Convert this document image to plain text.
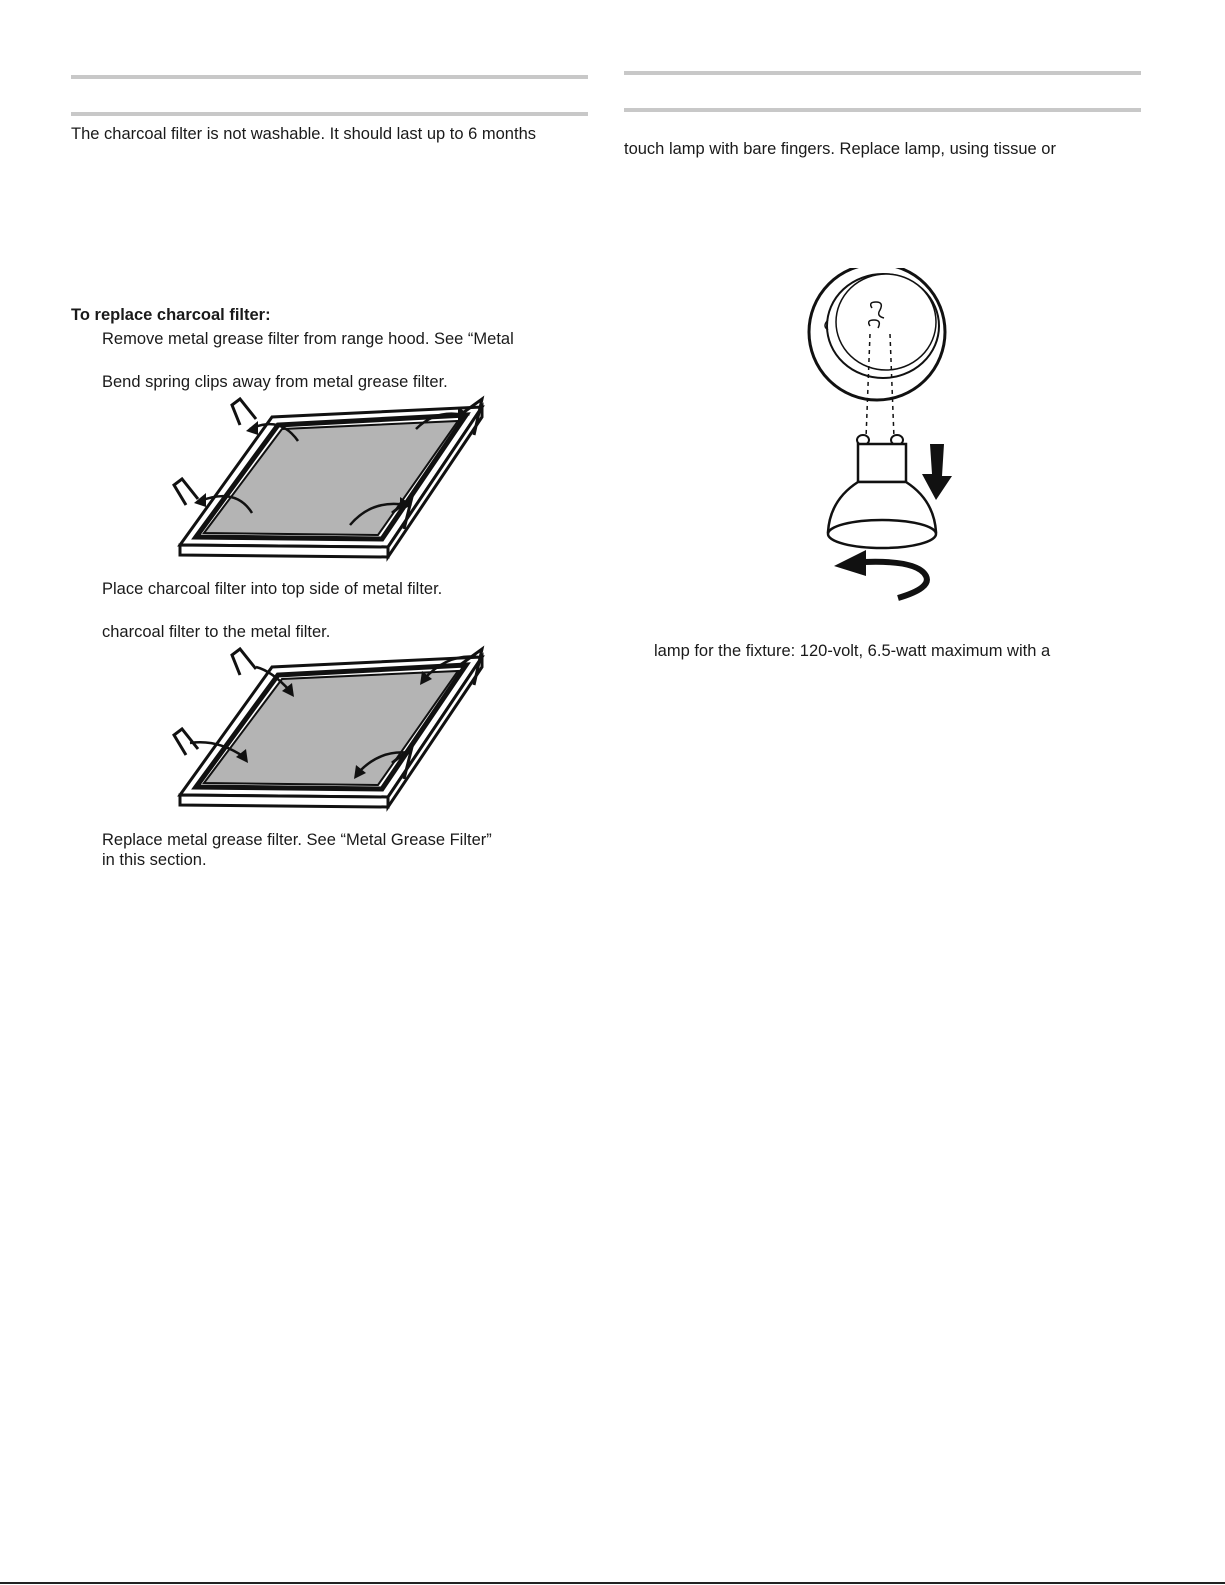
The charcoal filter is not washable. It should last up to 6 months
To replace charcoal filter:
Remove metal grease filter from range hood. See “Metal
Bend spring clips away from metal grease filter.
Place charcoal filter into top side of metal filter.
charcoal filter to the metal filter.
Replace metal grease filter. See “Metal Grease Filter”
in this section.
touch lamp with bare fingers. Replace lamp, using tissue or
lamp for the fixture: 120-volt, 6.5-watt maximum with a
